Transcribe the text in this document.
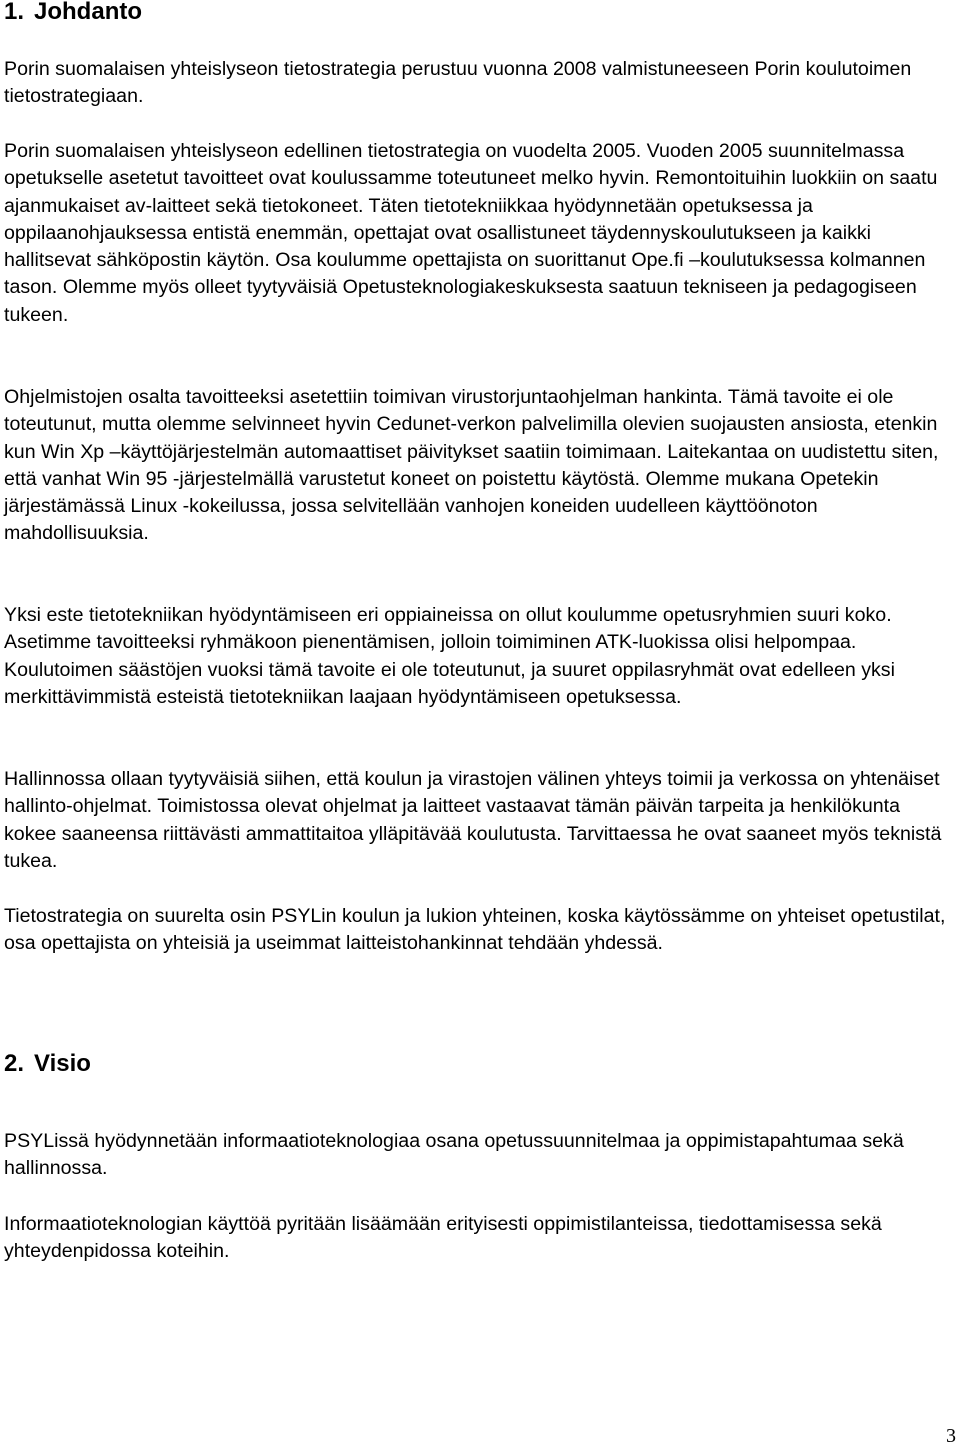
1. Johdanto

Porin suomalaisen yhteislyseon tietostrategia perustuu vuonna 2008 valmistuneeseen Porin koulutoimen tietostrategiaan.

Porin suomalaisen yhteislyseon edellinen tietostrategia on vuodelta 2005. Vuoden 2005 suunnitelmassa opetukselle asetetut tavoitteet ovat koulussamme toteutuneet melko hyvin. Remontoituihin luokkiin on saatu ajanmukaiset av-laitteet sekä tietokoneet. Täten tietotekniikkaa hyödynnetään opetuksessa ja oppilaanohjauksessa entistä enemmän, opettajat ovat osallistuneet täydennyskoulutukseen ja kaikki hallitsevat sähköpostin käytön. Osa koulumme opettajista on suorittanut Ope.fi –koulutuksessa kolmannen tason. Olemme myös olleet tyytyväisiä Opetusteknologiakeskuksesta saatuun tekniseen ja pedagogiseen tukeen.

Ohjelmistojen osalta tavoitteeksi asetettiin toimivan virustorjuntaohjelman hankinta. Tämä tavoite ei ole toteutunut, mutta olemme selvinneet hyvin Cedunet-verkon palvelimilla olevien suojausten ansiosta, etenkin kun Win Xp –käyttöjärjestelmän automaattiset päivitykset saatiin toimimaan. Laitekantaa on uudistettu siten, että vanhat Win 95 -järjestelmällä varustetut koneet on poistettu käytöstä. Olemme mukana Opetekin järjestämässä Linux -kokeilussa, jossa selvitellään vanhojen koneiden uudelleen käyttöönoton mahdollisuuksia.

Yksi este tietotekniikan hyödyntämiseen eri oppiaineissa on ollut koulumme opetusryhmien suuri koko. Asetimme tavoitteeksi ryhmäkoon pienentämisen, jolloin toimiminen ATK-luokissa olisi helpompaa. Koulutoimen säästöjen vuoksi tämä tavoite ei ole toteutunut, ja suuret oppilasryhmät ovat edelleen yksi merkittävimmistä esteistä tietotekniikan laajaan hyödyntämiseen opetuksessa.

Hallinnossa ollaan tyytyväisiä siihen, että koulun ja virastojen välinen yhteys toimii ja verkossa on yhtenäiset hallinto-ohjelmat. Toimistossa olevat ohjelmat ja laitteet vastaavat tämän päivän tarpeita ja henkilökunta kokee saaneensa riittävästi ammattitaitoa ylläpitävää koulutusta. Tarvittaessa he ovat saaneet myös teknistä tukea.

Tietostrategia on suurelta osin PSYLin koulun ja lukion yhteinen, koska käytössämme on yhteiset opetustilat, osa opettajista on yhteisiä ja useimmat laitteistohankinnat tehdään yhdessä.

2. Visio

PSYLissä hyödynnetään informaatioteknologiaa osana opetussuunnitelmaa ja oppimistapahtumaa sekä hallinnossa.

Informaatioteknologian käyttöä pyritään lisäämään erityisesti oppimistilanteissa, tiedottamisessa sekä yhteydenpidossa koteihin.

3
